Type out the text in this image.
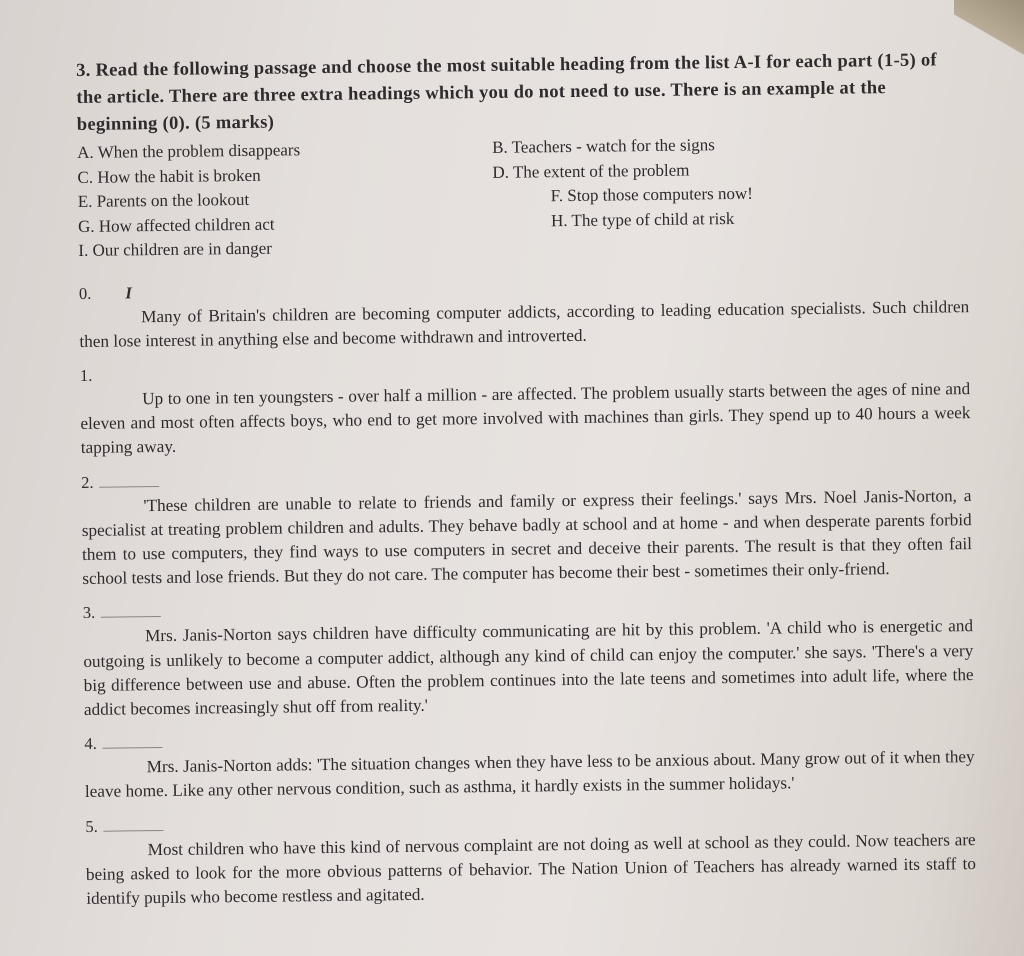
3. Read the following passage and choose the most suitable heading from the list A-I for each part (1-5) of the article. There are three extra headings which you do not need to use. There is an example at the beginning (0). (5 marks)

A. When the problem disappears	B. Teachers - watch for the signs
C. How the habit is broken	D. The extent of the problem
E. Parents on the lookout	F. Stop those computers now!
G. How affected children act	H. The type of child at risk
I. Our children are in danger
0. I

Many of Britain's children are becoming computer addicts, according to leading education specialists. Such children then lose interest in anything else and become withdrawn and introverted.

1.

Up to one in ten youngsters - over half a million - are affected. The problem usually starts between the ages of nine and eleven and most often affects boys, who end to get more involved with machines than girls. They spend up to 40 hours a week tapping away.

2.

'These children are unable to relate to friends and family or express their feelings.' says Mrs. Noel Janis-Norton, a specialist at treating problem children and adults. They behave badly at school and at home - and when desperate parents forbid them to use computers, they find ways to use computers in secret and deceive their parents. The result is that they often fail school tests and lose friends. But they do not care. The computer has become their best - sometimes their only-friend.

3.

Mrs. Janis-Norton says children have difficulty communicating are hit by this problem. 'A child who is energetic and outgoing is unlikely to become a computer addict, although any kind of child can enjoy the computer.' she says. 'There's a very big difference between use and abuse. Often the problem continues into the late teens and sometimes into adult life, where the addict becomes increasingly shut off from reality.'

4.

Mrs. Janis-Norton adds: 'The situation changes when they have less to be anxious about. Many grow out of it when they leave home. Like any other nervous condition, such as asthma, it hardly exists in the summer holidays.'

5.

Most children who have this kind of nervous complaint are not doing as well at school as they could. Now teachers are being asked to look for the more obvious patterns of behavior. The Nation Union of Teachers has already warned its staff to identify pupils who become restless and agitated.
